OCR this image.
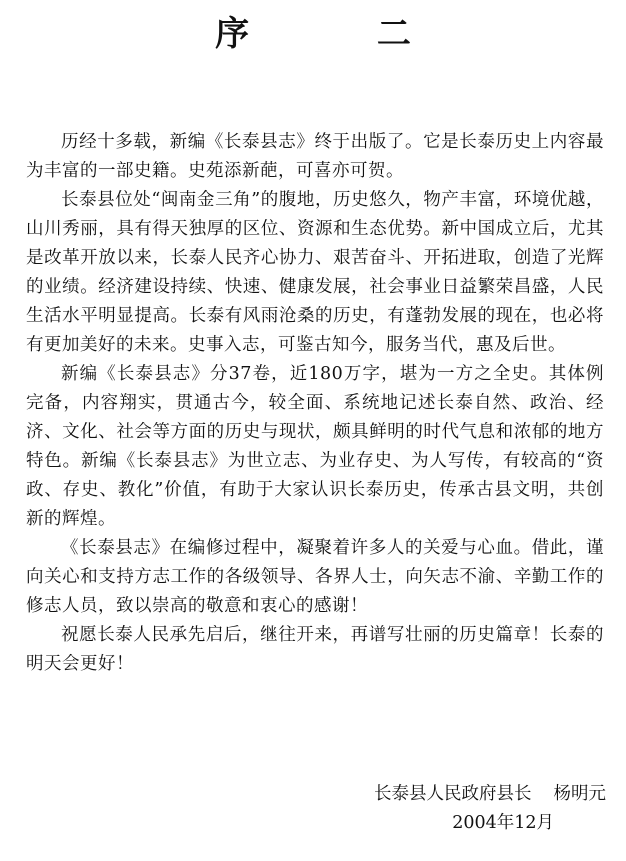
序 二

历经十多载，新编《长泰县志》终于出版了。它是长泰历史上内容最为丰富的一部史籍。史苑添新葩，可喜亦可贺。

长泰县位处“闽南金三角”的腹地，历史悠久，物产丰富，环境优越，山川秀丽，具有得天独厚的区位、资源和生态优势。新中国成立后，尤其是改革开放以来，长泰人民齐心协力、艰苦奋斗、开拓进取，创造了光辉的业绩。经济建设持续、快速、健康发展，社会事业日益繁荣昌盛，人民生活水平明显提高。长泰有风雨沧桑的历史，有蓬勃发展的现在，也必将有更加美好的未来。史事入志，可鉴古知今，服务当代，惠及后世。

新编《长泰县志》分37卷，近180万字，堪为一方之全史。其体例完备，内容翔实，贯通古今，较全面、系统地记述长泰自然、政治、经济、文化、社会等方面的历史与现状，颇具鲜明的时代气息和浓郁的地方特色。新编《长泰县志》为世立志、为业存史、为人写传，有较高的“资政、存史、教化”价值，有助于大家认识长泰历史，传承古县文明，共创新的辉煌。

《长泰县志》在编修过程中，凝聚着许多人的关爱与心血。借此，谨向关心和支持方志工作的各级领导、各界人士，向矢志不渝、辛勤工作的修志人员，致以崇高的敬意和衷心的感谢！

祝愿长泰人民承先启后，继往开来，再谱写壮丽的历史篇章！长泰的明天会更好！

长泰县人民政府县长 杨明元
2004年12月
